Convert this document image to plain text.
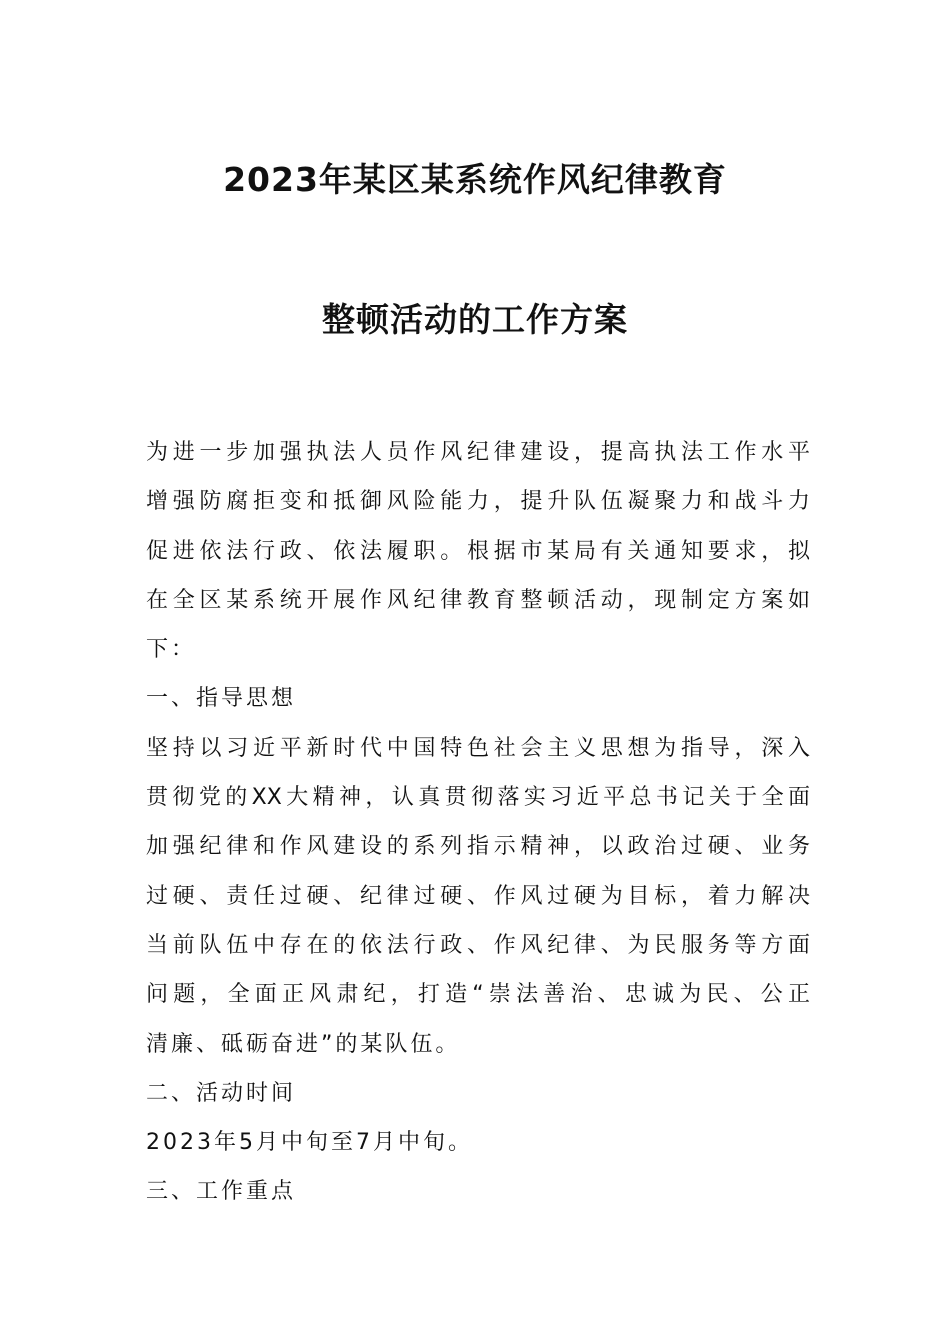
2023年某区某系统作风纪律教育
整顿活动的工作方案
为进一步加强执法人员作风纪律建设，提高执法工作水平
增强防腐拒变和抵御风险能力，提升队伍凝聚力和战斗力
促进依法行政、依法履职。根据市某局有关通知要求，拟
在全区某系统开展作风纪律教育整顿活动，现制定方案如
下：
一、指导思想
坚持以习近平新时代中国特色社会主义思想为指导，深入
贯彻党的XX大精神，认真贯彻落实习近平总书记关于全面
加强纪律和作风建设的系列指示精神，以政治过硬、业务
过硬、责任过硬、纪律过硬、作风过硬为目标，着力解决
当前队伍中存在的依法行政、作风纪律、为民服务等方面
问题，全面正风肃纪，打造“崇法善治、忠诚为民、公正
清廉、砥砺奋进”的某队伍。
二、活动时间
2023年5月中旬至7月中旬。
三、工作重点
